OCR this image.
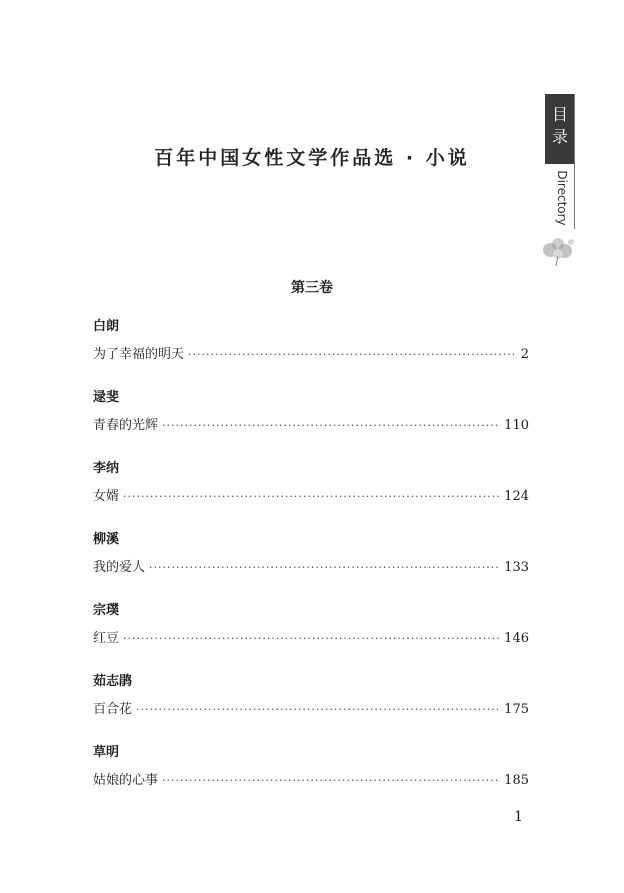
百年中国女性文学作品选 · 小说
目
录
Directory
第三卷
白朗
为了幸福的明天 ·····	2
逯斐
青春的光辉 ·····	110
李纳
女婿 ·····	124
柳溪
我的爱人 ·····	133
宗璞
红豆 ·····	146
茹志鹃
百合花 ·····	175
草明
姑娘的心事 ·····	185
1
